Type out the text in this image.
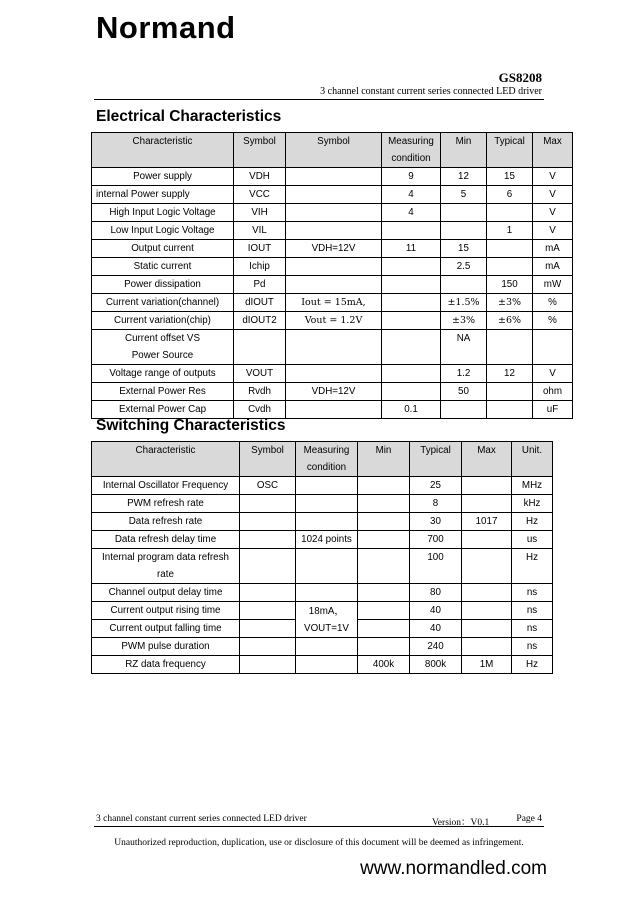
Normand
GS8208
3 channel constant current series connected LED driver
Electrical Characteristics
Characteristic	Symbol	Symbol	Measuring condition	Min	Typical	Max
Power supply	VDH		9	12	15	V
internal Power supply	VCC		4	5	6	V
High Input Logic Voltage	VIH		4			V
Low Input Logic Voltage	VIL				1	V
Output current	IOUT	VDH=12V	11	15		mA
Static current	Ichip			2.5		mA
Power dissipation	Pd				150	mW
Current variation(channel)	dIOUT	Iout = 15mA,		±1.5%	±3%	%
Current variation(chip)	dIOUT2	Vout = 1.2V		±3%	±6%	%
Current offset VS Power Source				NA		
Voltage range of outputs	VOUT			1.2	12	V
External Power Res	Rvdh	VDH=12V		50		ohm
External Power Cap	Cvdh		0.1			uF
Switching Characteristics
Characteristic	Symbol	Measuring condition	Min	Typical	Max	Unit.
Internal Oscillator Frequency	OSC			25		MHz
PWM refresh rate				8		kHz
Data refresh rate				30	1017	Hz
Data refresh delay time		1024 points		700		us
Internal program data refresh rate				100		Hz
Channel output delay time				80		ns
Current output rising time		18mA，VOUT=1V		40		ns
Current output falling time				40		ns
PWM pulse duration				240		ns
RZ data frequency			400k	800k	1M	Hz
3 channel constant current series connected LED driver	Version：V0.1	Page 4
Unauthorized reproduction, duplication, use or disclosure of this document will be deemed as infringement.
www.normandled.com
